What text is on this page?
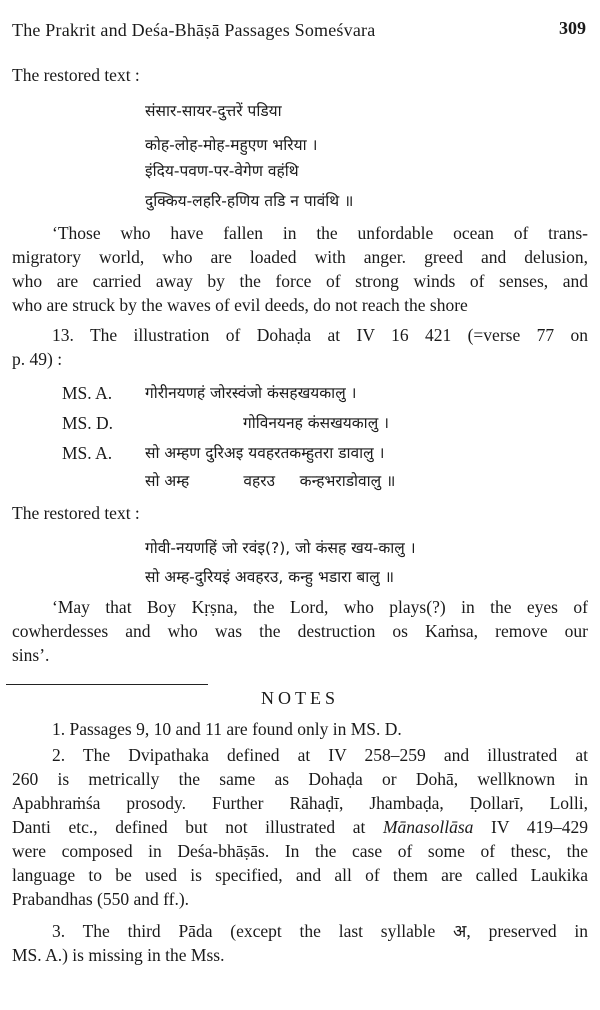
The Prakrit and Deśa-Bhāṣā Passages Someśvara	309
The restored text :
संसार-सायर-दुत्तरें पडिया
कोह-लोह-मोह-महुएण भरिया ।
इंदिय-पवण-पर-वेगेण वहंथि
दुक्किय-लहरि-हणिय तडि न पावंथि ॥
‘Those who have fallen in the unfordable ocean of trans-
migratory world, who are loaded with anger. greed and delusion,
who are carried away by the force of strong winds of senses, and
who are struck by the waves of evil deeds, do not reach the shore
13. The illustration of Dohaḍa at IV 16 421 (=verse 77 on
p. 49) :
MS. A. गोरीनयणहं जोरस्वंजो कंसहखयकालु ।
MS. D.	गोविनयनह कंसखयकालु ।
MS. A. सो अम्हण दुरिअइ यवहरतकम्हुतरा डावालु ।
सो अम्ह           वहरउ     कन्हभराडोवालु ॥
The restored text :
गोवी-नयणहिं जो रवंइ(?), जो कंसह खय-कालु ।
सो अम्ह-दुरियइं अवहरउ, कन्हु भडारा बालु ॥
‘May that Boy Kṛṣna, the Lord, who plays(?) in the eyes of
cowherdesses and who was the destruction os Kaṁsa, remove our
sins’.
NOTES
1. Passages 9, 10 and 11 are found only in MS. D.
2. The Dvipathaka defined at IV 258–259 and illustrated at
260 is metrically the same as Dohaḍa or Dohā, wellknown in
Apabhraṁśa prosody. Further Rāhaḍī, Jhambaḍa, Ḍollarī, Lolli,
Danti etc., defined but not illustrated at Mānasollāsa IV 419–429
were composed in Deśa-bhāṣās. In the case of some of thesc, the
language to be used is specified, and all of them are called Laukika
Prabandhas (550 and ff.).
3. The third Pāda (except the last syllable अ, preserved in
MS. A.) is missing in the Mss.
